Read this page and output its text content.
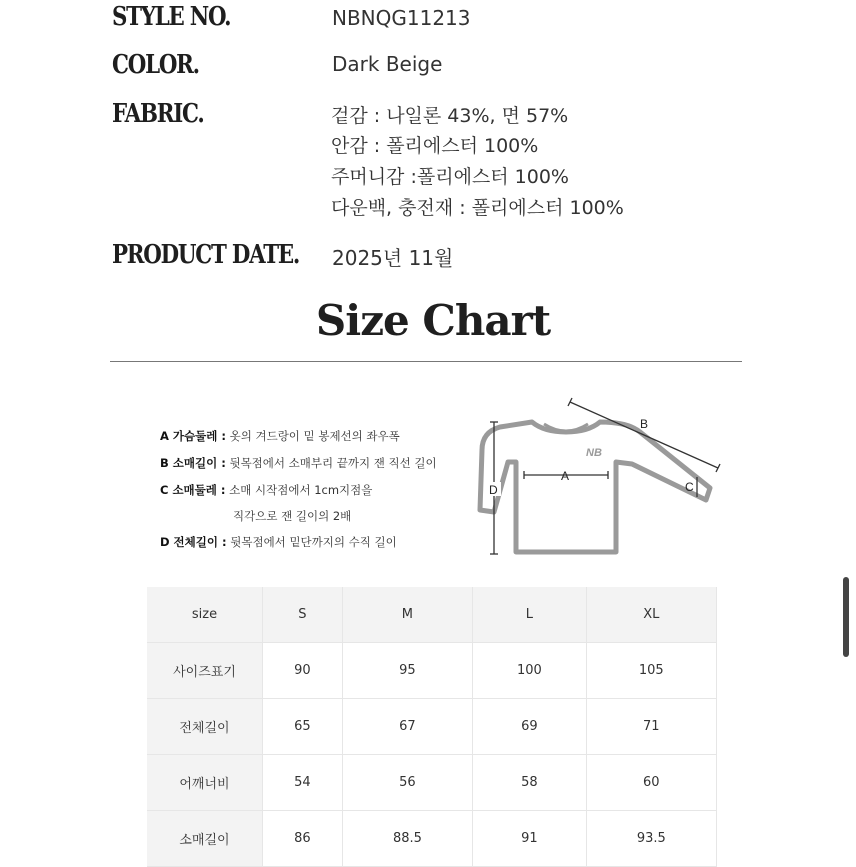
STYLE NO.	NBNQG11213
COLOR.	Dark Beige
FABRIC.	겉감 : 나일론 43%, 면 57%
안감 : 폴리에스터 100%
주머니감 :폴리에스터 100%
다운백, 충전재 : 폴리에스터 100%
PRODUCT DATE. 2025년 11월
Size Chart
A 가슴둘레 : 옷의 겨드랑이 밑 봉제선의 좌우폭
B 소매길이 : 뒷목점에서 소매부리 끝까지 잰 직선 길이
C 소매둘레 : 소매 시작점에서 1cm지점을
직각으로 잰 길이의 2배
D 전체길이 : 뒷목점에서 밑단까지의 수직 길이
NB
A
B
C
D
size	S	M	L	XL
사이즈표기	90	95	100	105
전체길이	65	67	69	71
어깨너비	54	56	58	60
소매길이	86	88.5	91	93.5
